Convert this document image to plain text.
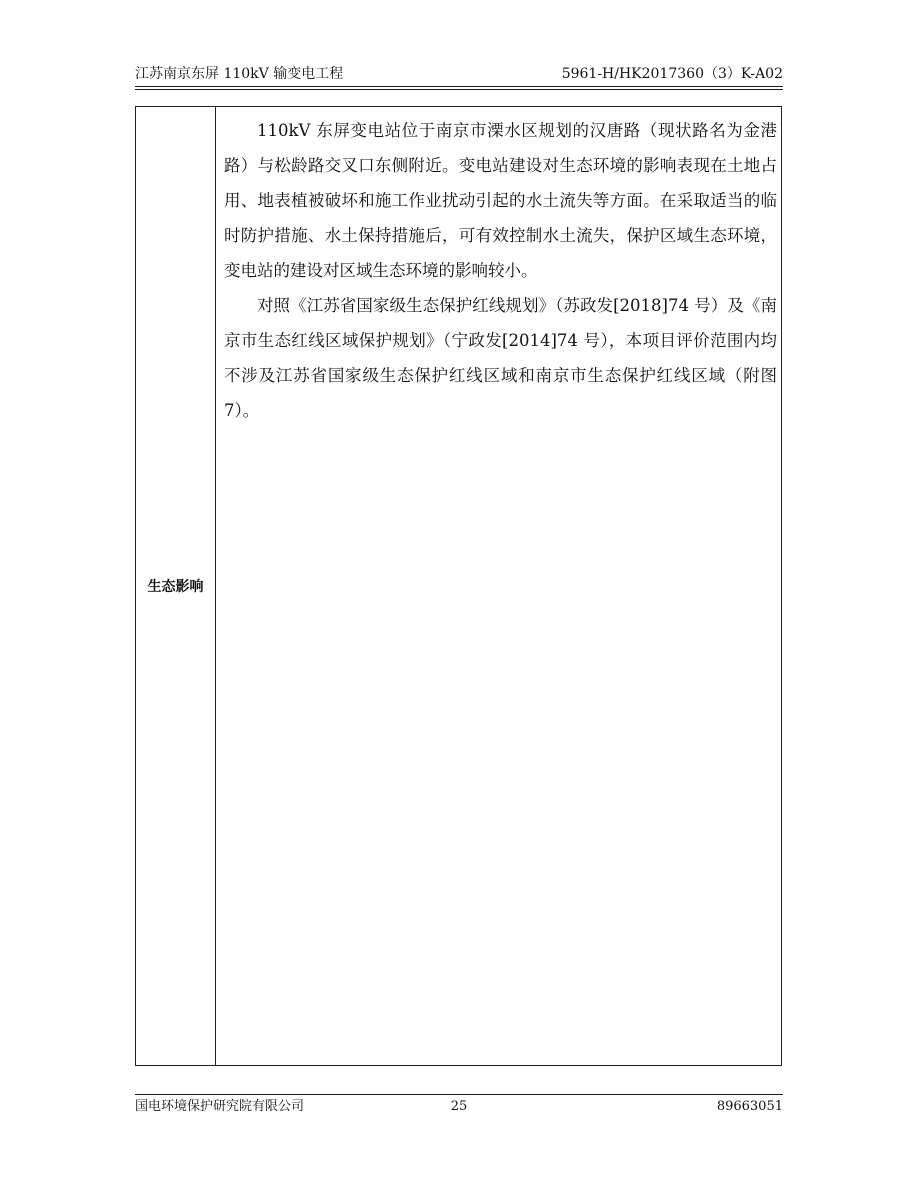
江苏南京东屏 110kV 输变电工程	5961-H/HK2017360（3）K-A02
生态影响

110kV 东屏变电站位于南京市溧水区规划的汉唐路（现状路名为金港路）与松龄路交叉口东侧附近。变电站建设对生态环境的影响表现在土地占用、地表植被破坏和施工作业扰动引起的水土流失等方面。在采取适当的临时防护措施、水土保持措施后，可有效控制水土流失，保护区域生态环境，变电站的建设对区域生态环境的影响较小。

对照《江苏省国家级生态保护红线规划》（苏政发[2018]74 号）及《南京市生态红线区域保护规划》（宁政发[2014]74 号），本项目评价范围内均不涉及江苏省国家级生态保护红线区域和南京市生态保护红线区域（附图 7）。

国电环境保护研究院有限公司	25	89663051
